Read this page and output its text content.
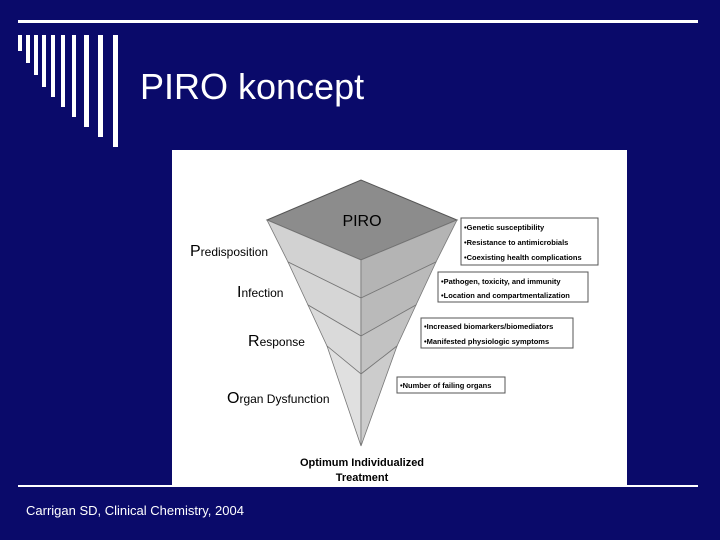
PIRO koncept
PIRO
Predisposition
Infection
Response
Organ Dysfunction
•Genetic susceptibility
•Resistance to antimicrobials
•Coexisting health complications
•Pathogen, toxicity, and immunity
•Location and compartmentalization
•Increased biomarkers/biomediators
•Manifested physiologic symptoms
•Number of failing organs
Optimum Individualized
Treatment
Carrigan SD, Clinical Chemistry, 2004
